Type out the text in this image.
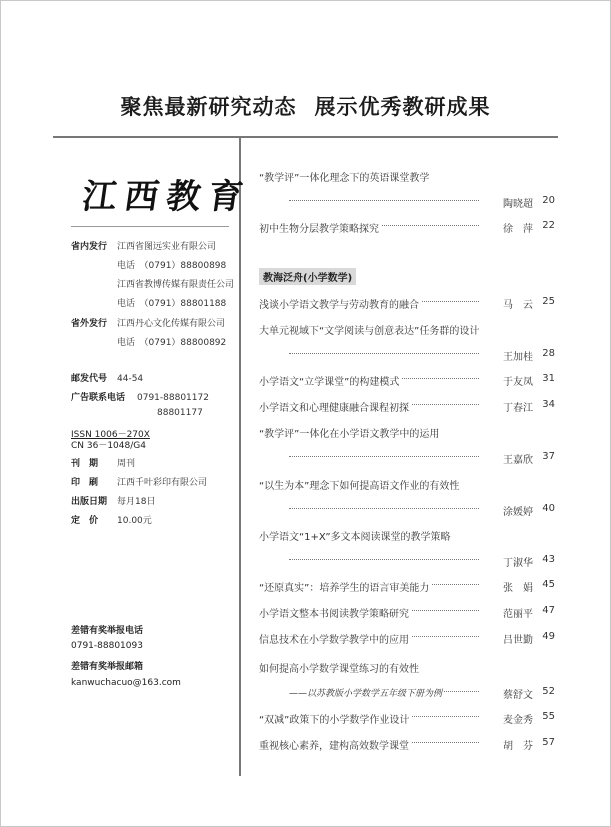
聚焦最新研究动态 展示优秀教研成果
江西教育
省内发行 江西省图远实业有限公司
电话　 （0791）88800898
江西省教博传媒有限责任公司
电话　 （0791）88801188
省外发行 江西丹心文化传媒有限公司
电话　 （0791）88800892
邮发代号 44-54
广告联系电话 0791-88801172
88801177
ISSN 1006－270X
CN 36－1048/G4
刊　期 周刊
印　刷 江西千叶彩印有限公司
出版日期 每月18日
定　价 10.00元
差错有奖举报电话
0791-88801093
差错有奖举报邮箱
kanwuchacuo@163.com
教海泛舟(小学数学)
“教学评”一体化理念下的英语课堂教学
陶晓超 20
初中生物分层教学策略探究	徐　萍 22
浅谈小学语文教学与劳动教育的融合	马　云 25
大单元视域下“文学阅读与创意表达”任务群的设计
王加桂 28
小学语文“立学课堂”的构建模式	于友凤 31
小学语文和心理健康融合课程初探	丁春江 34
“教学评”一体化在小学语文教学中的运用
王嘉欣 37
“以生为本”理念下如何提高语文作业的有效性
涂媛婷 40
小学语文“1+X”多文本阅读课堂的教学策略
丁淑华 43
“还原真实”：培养学生的语言审美能力	张　娟 45
小学语文整本书阅读教学策略研究	范丽平 47
信息技术在小学数学教学中的应用	吕世勤 49
如何提高小学数学课堂练习的有效性
——以苏教版小学数学五年级下册为例	蔡舒文 52
“双减”政策下的小学数学作业设计	麦金秀 55
重视核心素养，建构高效数学课堂	胡　芬 57
